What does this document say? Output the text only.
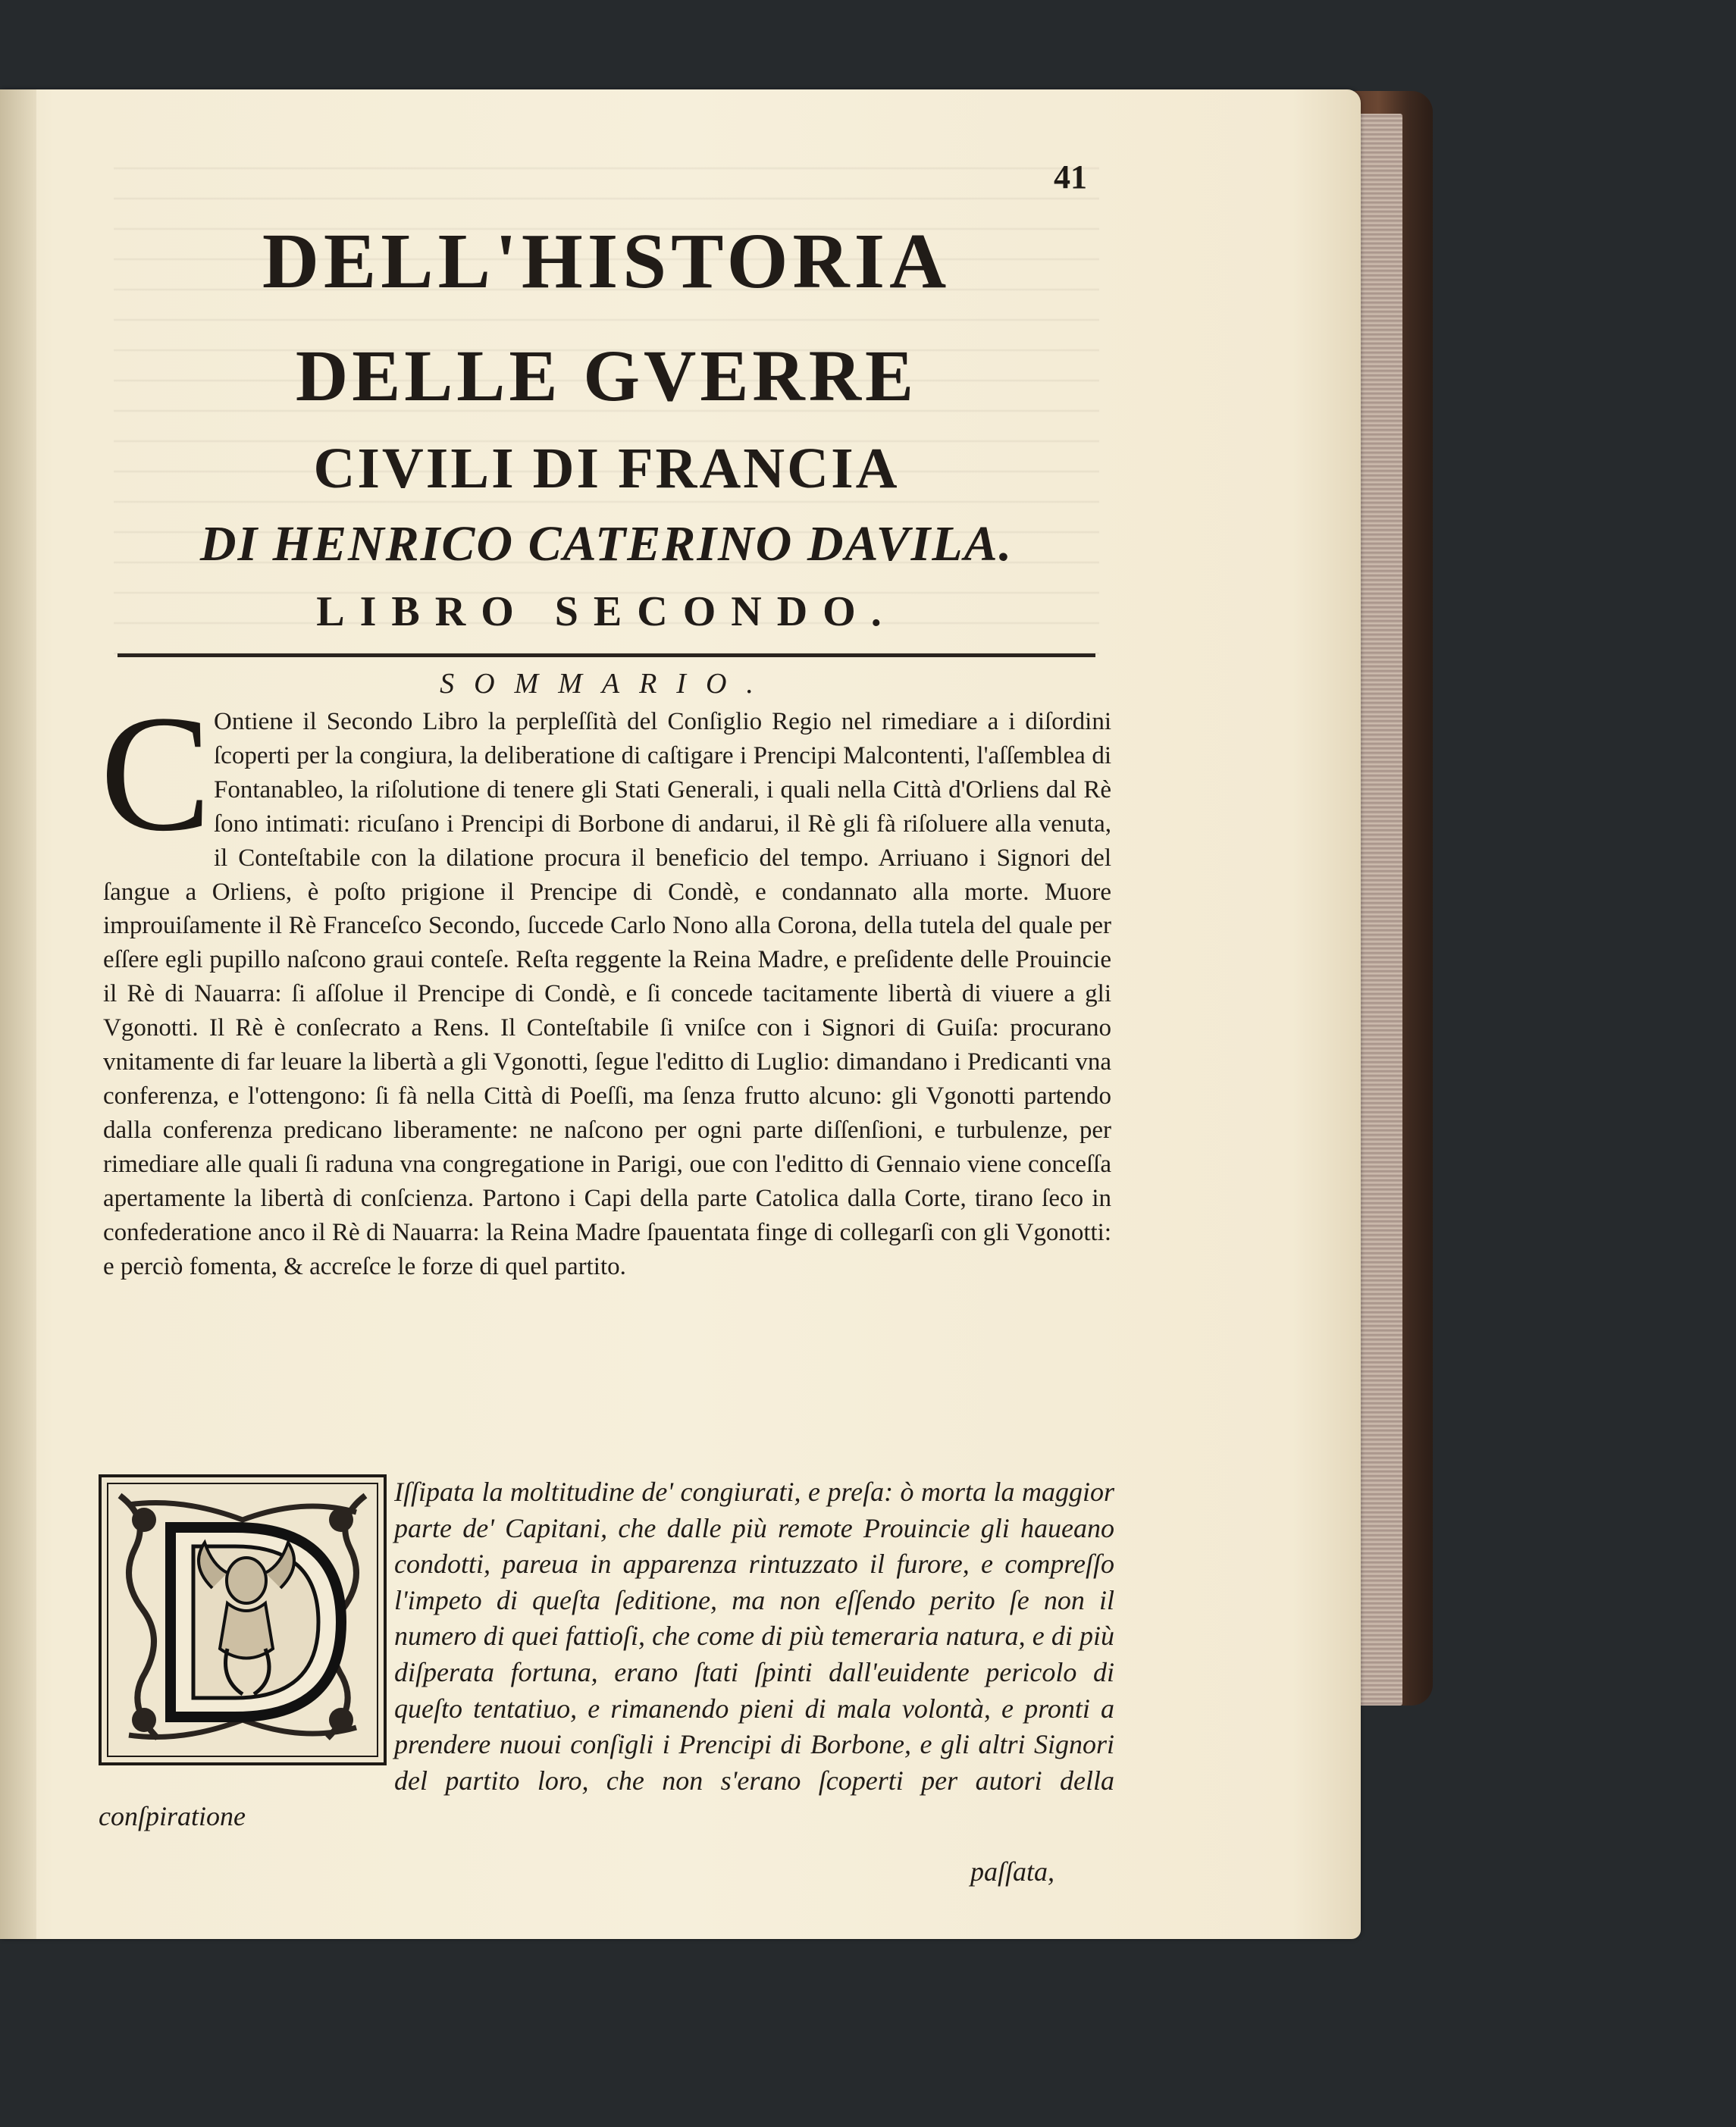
41
DELL'HISTORIA
DELLE GVERRE
CIVILI DI FRANCIA
DI HENRICO CATERINO DAVILA.
LIBRO SECONDO.
SOMMARIO.

C Ontiene il Secondo Libro la perpleſſità del Conſiglio Regio nel rimediare a i diſordini ſcoperti per la congiura, la deliberatione di caſtigare i Prencipi Malcontenti, l'aſſemblea di Fontanableo, la riſolutione di tenere gli Stati Generali, i quali nella Città d'Orliens dal Rè ſono intimati: ricuſano i Prencipi di Borbone di andarui, il Rè gli fà riſoluere alla venuta, il Conteſtabile con la dilatione procura il beneficio del tempo. Arriuano i Signori del ſangue a Orliens, è poſto prigione il Prencipe di Condè, e condannato alla morte. Muore improuiſamente il Rè Franceſco Secondo, ſuccede Carlo Nono alla Corona, della tutela del quale per eſſere egli pupillo naſcono graui conteſe. Reſta reggente la Reina Madre, e preſidente delle Prouincie il Rè di Nauarra: ſi aſſolue il Prencipe di Condè, e ſi concede tacitamente libertà di viuere a gli Vgonotti. Il Rè è conſecrato a Rens. Il Conteſtabile ſi vniſce con i Signori di Guiſa: procurano vnitamente di far leuare la libertà a gli Vgonotti, ſegue l'editto di Luglio: dimandano i Predicanti vna conferenza, e l'ottengono: ſi fà nella Città di Poeſſi, ma ſenza frutto alcuno: gli Vgonotti partendo dalla conferenza predicano liberamente: ne naſcono per ogni parte diſſenſioni, e turbulenze, per rimediare alle quali ſi raduna vna congregatione in Parigi, oue con l'editto di Gennaio viene conceſſa apertamente la libertà di conſcienza. Partono i Capi della parte Catolica dalla Corte, tirano ſeco in confederatione anco il Rè di Nauarra: la Reina Madre ſpauentata finge di collegarſi con gli Vgonotti: e perciò fomenta, & accreſce le forze di quel partito.

Iſſipata la moltitudine de' congiurati, e preſa: ò morta la maggior parte de' Capitani, che dalle più remote Prouincie gli haueano condotti, pareua in apparenza rintuzzato il furore, e compreſſo l'impeto di queſta ſeditione, ma non eſſendo perito ſe non il numero di quei fattioſi, che come di più temeraria natura, e di più diſperata fortuna, erano ſtati ſpinti dall'euidente pericolo di queſto tentatiuo, e rimanendo pieni di mala volontà, e pronti a prendere nuoui conſigli i Prencipi di Borbone, e gli altri Signori del partito loro, che non s'erano ſcoperti per autori della conſpiratione

paſſata,
